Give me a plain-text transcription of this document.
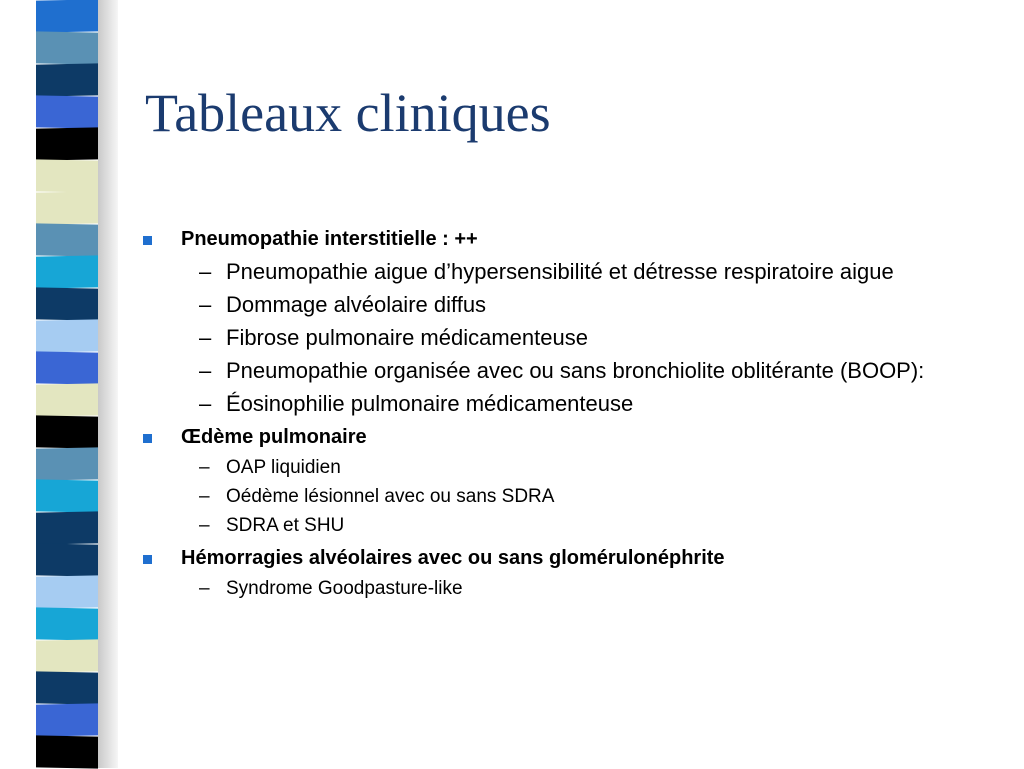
Tableaux cliniques
Pneumopathie interstitielle : ++
– Pneumopathie aigue d’hypersensibilité et détresse respiratoire aigue
– Dommage alvéolaire diffus
– Fibrose pulmonaire médicamenteuse
– Pneumopathie organisée avec ou sans bronchiolite oblitérante (BOOP):
– Éosinophilie pulmonaire médicamenteuse
Œdème pulmonaire
– OAP liquidien
– Oédème lésionnel avec ou sans SDRA
– SDRA et SHU
Hémorragies alvéolaires avec ou sans glomérulonéphrite
– Syndrome Goodpasture-like
